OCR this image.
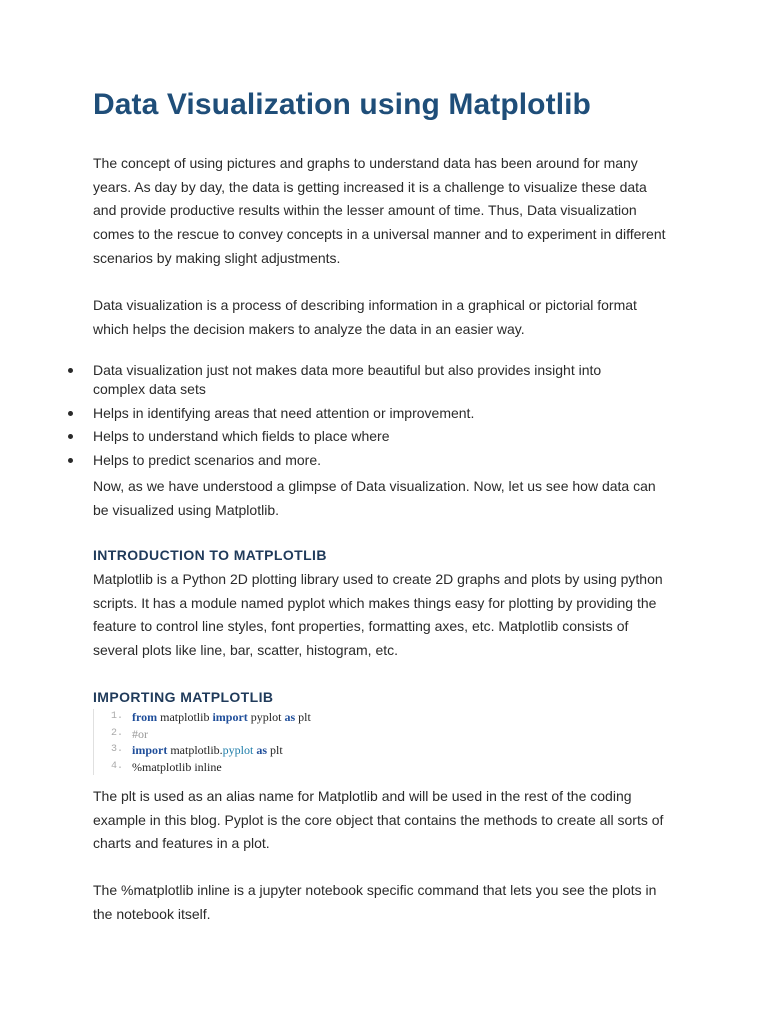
Data Visualization using Matplotlib

The concept of using pictures and graphs to understand data has been around for many years. As day by day, the data is getting increased it is a challenge to visualize these data and provide productive results within the lesser amount of time. Thus, Data visualization comes to the rescue to convey concepts in a universal manner and to experiment in different scenarios by making slight adjustments.

Data visualization is a process of describing information in a graphical or pictorial format which helps the decision makers to analyze the data in an easier way.

Data visualization just not makes data more beautiful but also provides insight into complex data sets
Helps in identifying areas that need attention or improvement.
Helps to understand which fields to place where
Helps to predict scenarios and more.

Now, as we have understood a glimpse of Data visualization. Now, let us see how data can be visualized using Matplotlib.

INTRODUCTION TO MATPLOTLIB

Matplotlib is a Python 2D plotting library used to create 2D graphs and plots by using python scripts. It has a module named pyplot which makes things easy for plotting by providing the feature to control line styles, font properties, formatting axes, etc. Matplotlib consists of several plots like line, bar, scatter, histogram, etc.

IMPORTING MATPLOTLIB
1. from matplotlib import pyplot as plt
2. #or
3. import matplotlib.pyplot as plt
4. %matplotlib inline

The plt is used as an alias name for Matplotlib and will be used in the rest of the coding example in this blog. Pyplot is the core object that contains the methods to create all sorts of charts and features in a plot.

The %matplotlib inline is a jupyter notebook specific command that lets you see the plots in the notebook itself.
